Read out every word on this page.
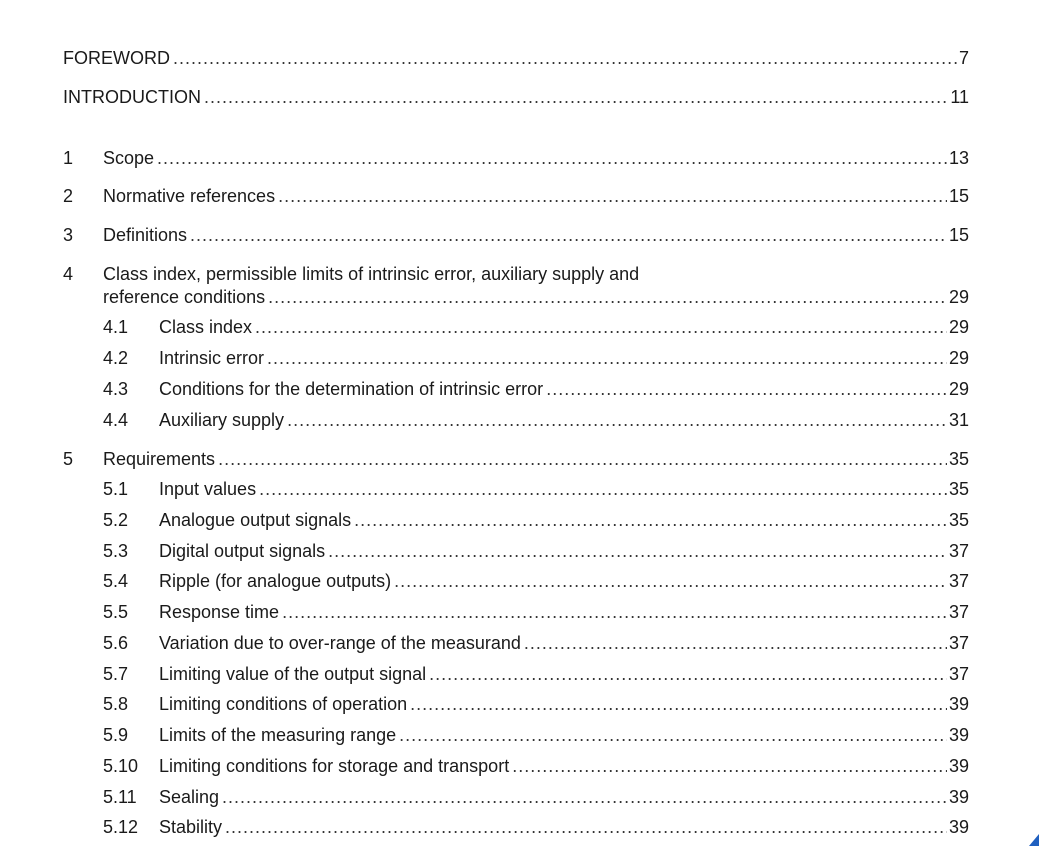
FOREWORD .....	7
INTRODUCTION .....	11
1	Scope .....	13
2	Normative references .....	15
3	Definitions .....	15
4	Class index, permissible limits of intrinsic error, auxiliary supply and
reference conditions .....	29
4.1	Class index .....	29
4.2	Intrinsic error .....	29
4.3	Conditions for the determination of intrinsic error .....	29
4.4	Auxiliary supply .....	31
5	Requirements .....	35
5.1	Input values .....	35
5.2	Analogue output signals .....	35
5.3	Digital output signals .....	37
5.4	Ripple (for analogue outputs) .....	37
5.5	Response time .....	37
5.6	Variation due to over-range of the measurand .....	37
5.7	Limiting value of the output signal .....	37
5.8	Limiting conditions of operation .....	39
5.9	Limits of the measuring range .....	39
5.10	Limiting conditions for storage and transport .....	39
5.11	Sealing .....	39
5.12	Stability .....	39
